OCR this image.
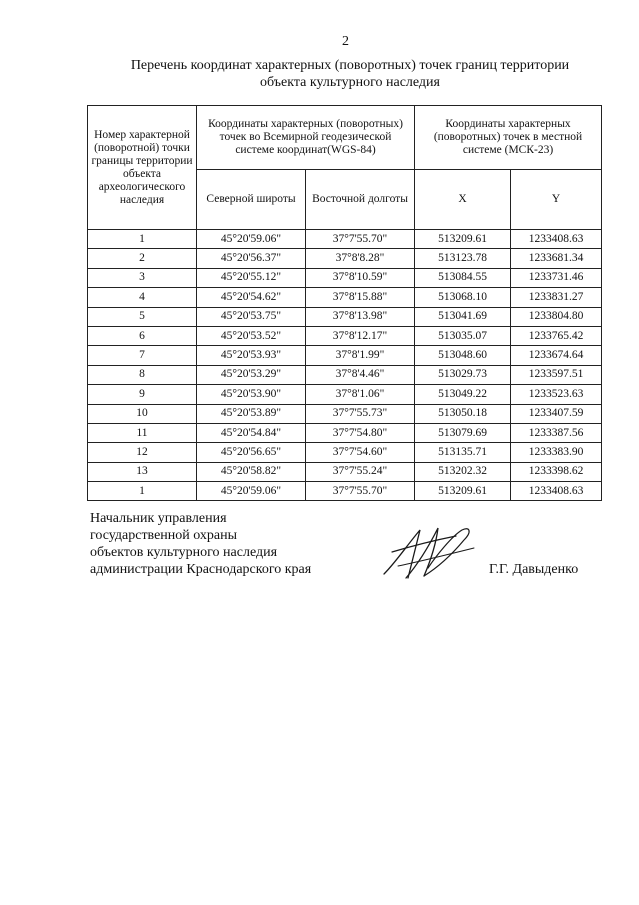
2
Перечень координат характерных (поворотных) точек границ территории
объекта культурного наследия
Номер характерной (поворотной) точки границы территории объекта археологического наследия	Координаты характерных (поворотных) точек во Всемирной геодезической системе координат(WGS-84)		Координаты характерных (поворотных) точек в местной системе (МСК-23)	
	Северной широты	Восточной долготы	X	Y
1	45°20'59.06"	37°7'55.70"	513209.61	1233408.63
2	45°20'56.37"	37°8'8.28"	513123.78	1233681.34
3	45°20'55.12"	37°8'10.59"	513084.55	1233731.46
4	45°20'54.62"	37°8'15.88"	513068.10	1233831.27
5	45°20'53.75"	37°8'13.98"	513041.69	1233804.80
6	45°20'53.52"	37°8'12.17"	513035.07	1233765.42
7	45°20'53.93"	37°8'1.99"	513048.60	1233674.64
8	45°20'53.29"	37°8'4.46"	513029.73	1233597.51
9	45°20'53.90"	37°8'1.06"	513049.22	1233523.63
10	45°20'53.89"	37°7'55.73"	513050.18	1233407.59
11	45°20'54.84"	37°7'54.80"	513079.69	1233387.56
12	45°20'56.65"	37°7'54.60"	513135.71	1233383.90
13	45°20'58.82"	37°7'55.24"	513202.32	1233398.62
1	45°20'59.06"	37°7'55.70"	513209.61	1233408.63
Начальник управления
государственной охраны
объектов культурного наследия
администрации Краснодарского края	Г.Г. Давыденко
